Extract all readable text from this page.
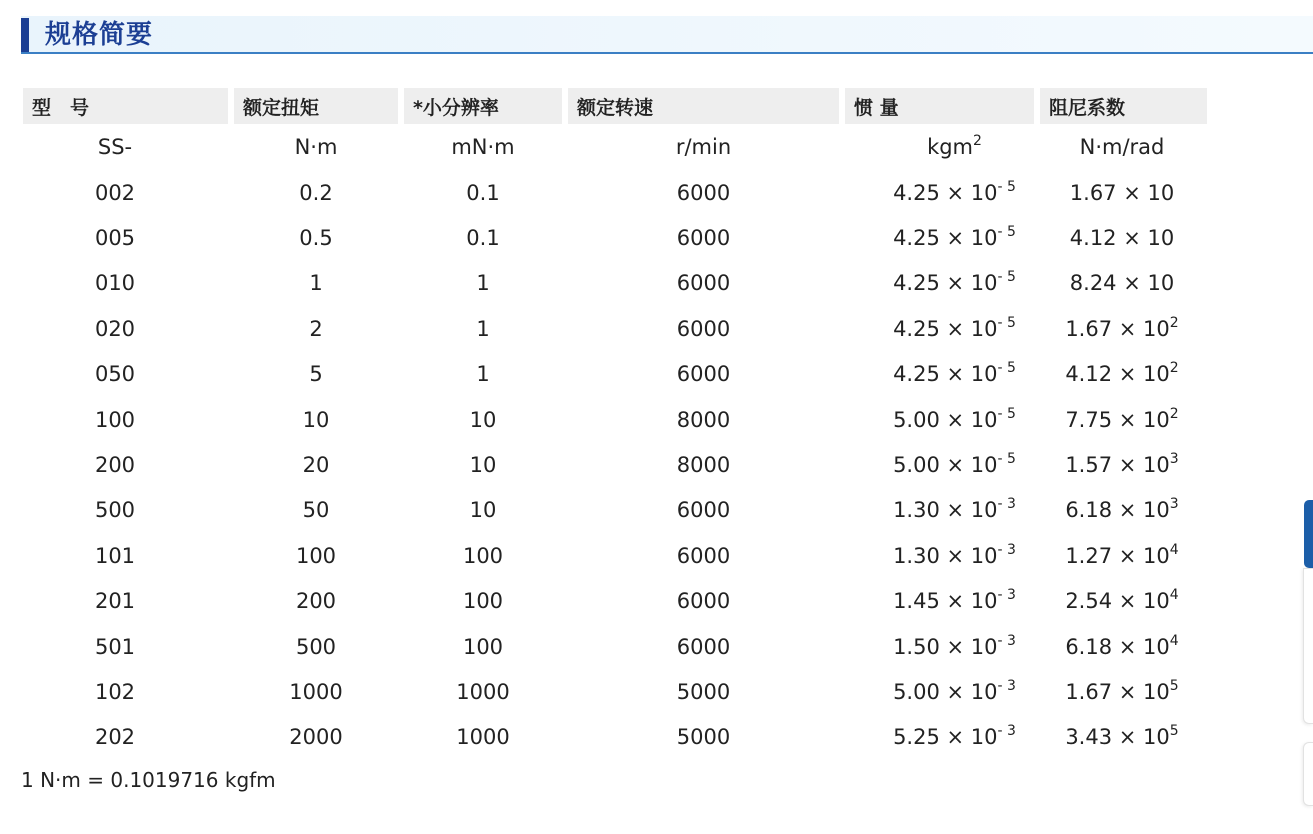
规格简要
型　号	额定扭矩	*小分辨率	额定转速	惯 量	阻尼系数
SS-	N·m	mN·m	r/min	kgm$^2$	N·m/rad
002	0.2	0.1	6000	$4.25 \times 10^{- 5}$	1.67 × 10
005	0.5	0.1	6000	$4.25 \times 10^{- 5}$	4.12 × 10
010	1	1	6000	$4.25 \times 10^{- 5}$	8.24 × 10
020	2	1	6000	$4.25 \times 10^{- 5}$	$1.67 \times 10^2$
050	5	1	6000	$4.25 \times 10^{- 5}$	$4.12 \times 10^2$
100	10	10	8000	$5.00 \times 10^{- 5}$	$7.75 \times 10^2$
200	20	10	8000	$5.00 \times 10^{- 5}$	$1.57 \times 10^3$
500	50	10	6000	$1.30 \times 10^{- 3}$	$6.18 \times 10^3$
101	100	100	6000	$1.30 \times 10^{- 3}$	$1.27 \times 10^4$
201	200	100	6000	$1.45 \times 10^{- 3}$	$2.54 \times 10^4$
501	500	100	6000	$1.50 \times 10^{- 3}$	$6.18 \times 10^4$
102	1000	1000	5000	$5.00 \times 10^{- 3}$	$1.67 \times 10^5$
202	2000	1000	5000	$5.25 \times 10^{- 3}$	$3.43 \times 10^5$
1 N·m = 0.1019716 kgfm
